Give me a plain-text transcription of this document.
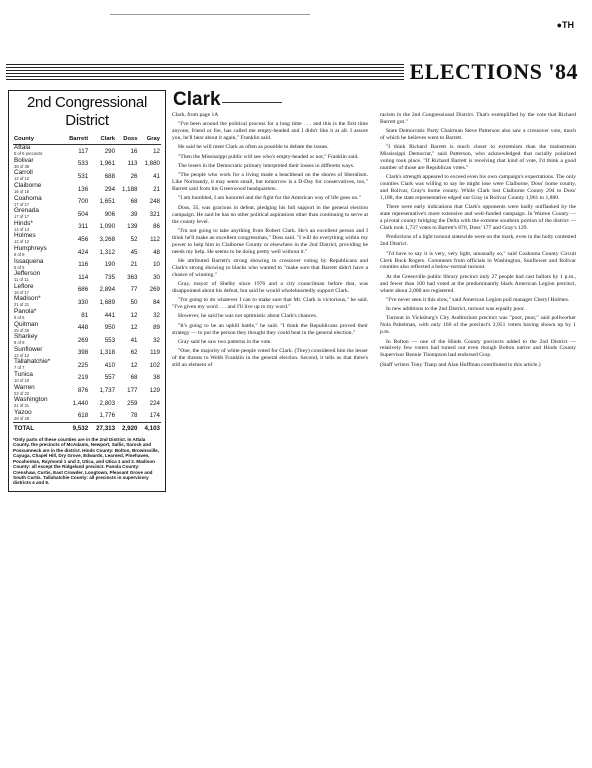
●TH
ELECTIONS '84
2nd Congressional District
County	Barrett	Clark	Doss	Gray

Attala
5 of 5 precincts	117	290	16	12

Bolivar
38 of 38	533	1,961	113	1,880

Carroll
12 of 12	531	688	26	41

Claiborne
16 of 16	136	294	1,188	21

Coahoma
17 of 17	700	1,651	68	248

Grenada
17 of 17	504	906	39	321

Hinds*
14 of 14	311	1,090	139	86

Holmes
12 of 12	456	3,268	52	112

Humphreys
9 of 9	424	1,312	45	48

Issaquena
5 of 5	116	190	21	10

Jefferson
11 of 11	114	735	363	30

Leflore
16 of 17	686	2,894	77	269

Madison*
21 of 21	330	1,689	50	84

Panola*
6 of 6	81	441	12	32

Quitman
25 of 25	448	950	12	89

Sharkey
8 of 8	269	553	41	32

Sunflower
12 of 12	398	1,318	62	119

Tallahatchie*
7 of 7	225	410	12	102

Tunica
10 of 10	219	557	68	38

Warren
22 of 22	876	1,737	177	129

Washington
21 of 21	1,440	2,803	259	224

Yazoo
28 of 28	618	1,776	78	174
TOTAL	9,532	27,313	2,920	4,103
*Only parts of these counties are in the 2nd District. In Attala County, the precincts of McAdams, Newport, Sallis, Sarock and Possumneck are in the district. Hinds County: Bolton, Brownsville, Cayuga, Chapel Hill, Dry Grove, Edwards, Learned, Pinehaven, Pocahontas, Raymond 1 and 2, Utica, and Utica 1 and 2. Madison County: all except the Ridgeland precinct. Panola County: Crenshaw, Curtis, East Crowder, Longtown, Pleasant Grove and South Curtis. Tallahatchie County: all precincts in supervisory districts 4 and 5.
Clark

Clark, from page 1A

"I've been around the political process for a long time . . . and this is the first time anyone, friend or foe, has called me empty-headed and I didn't like it at all. I assure you, he'll hear about it again," Franklin said.

He said he will meet Clark as often as possible to debate the issues.

"Then the Mississippi public will see who's empty-headed or not," Franklin said.

The losers in the Democratic primary interpreted their losses in different ways.

"The people who work for a living made a beachhead on the shores of liberalism. Like Normandy, it may seem small, but tomorrow is a D-Day for conservatives, too," Barrett said from his Greenwood headquarters.

"I am humbled, I am honored and the fight for the American way of life goes on."

Doss, 35, was gracious in defeat, pledging his full support in the general election campaign. He said he has no other political aspirations other than continuing to serve at the county level.

"I'm not going to take anything from Robert Clark. He's an excellent person and I think he'll make an excellent congressman," Doss said. "I will do everything within my power to help him in Claiborne County or elsewhere in the 2nd District, providing he needs my help. He seems to be doing pretty well without it."

He attributed Barrett's strong showing to crossover voting by Republicans and Clark's strong showing to blacks who wanted to "make sure that Barrett didn't have a chance of winning."

Gray, mayor of Shelby since 1976 and a city councilman before that, was disappointed about his defeat, but said he would wholeheartedly support Clark.

"I'm going to do whatever I can to make sure that Mr. Clark is victorious," he said. "I've given my word . . . and I'll live up to my word."

However, he said he was not optimistic about Clark's chances.

"It's going to be an uphill battle," he said. "I think the Republicans proved their strategy — to put the person they thought they could beat in the general election."

Gray said he saw two patterns in the vote.

"One, the majority of white people voted for Clark. (They) considered him the lesser of the threats to Webb Franklin in the general election. Second, it tells us that there's still an element of

racism in the 2nd Congressional District. That's exemplified by the vote that Richard Barrett got."

State Democratic Party Chairman Steve Patterson also saw a crossover vote, much of which he believes went to Barrett.

"I think Richard Barrett is much closer to extremism than the mainstream Mississippi Democrat," said Patterson, who acknowledged that racially polarized voting took place. "If Richard Barrett is receiving that kind of vote, I'd think a good number of those are Republican votes."

Clark's strength appeared to exceed even his own campaign's expectations. The only counties Clark was willing to say he might lose were Claiborne, Doss' home county, and Bolivar, Gray's home county. While Clark lost Claiborne County 294 to Doss' 1,188, the state representative edged out Gray in Bolivar County 1,961 to 1,880.

There were early indications that Clark's opponents were badly outflanked by the state representative's more extensive and well-funded campaign. In Warren County — a pivotal county bridging the Delta with the extreme southern portion of the district — Clark took 1,737 votes to Barrett's 876, Doss' 177 and Gray's 129.

Predictions of a light turnout statewide were on the mark, even in the hotly contested 2nd District.

"I'd have to say it is very, very light, unusually so," said Coahoma County Circuit Clerk Buck Rogers. Comments from officials in Washington, Sunflower and Bolivar counties also reflected a below-normal turnout.

At the Greenville public library precinct only 27 people had cast ballots by 1 p.m., and fewer than 100 had voted at the predominantly black American Legion precinct, where about 2,000 are registered.

"I've never seen it this slow," said American Legion poll manager Cheryl Holmes.

In new additions to the 2nd District, turnout was equally poor.

Turnout in Vicksburg's City Auditorium precinct was "poor, poor," said pollworker Nola Pabelman, with only 160 of the precinct's 2,951 voters having shown up by 1 p.m.

In Bolton — one of the Hinds County precincts added to the 2nd District — relatively few voters had turned out even though Bolton native and Hinds County Supervisor Bennie Thompson had endorsed Gray.

(Staff writers Tony Tharp and Alan Huffman contributed to this article.)
